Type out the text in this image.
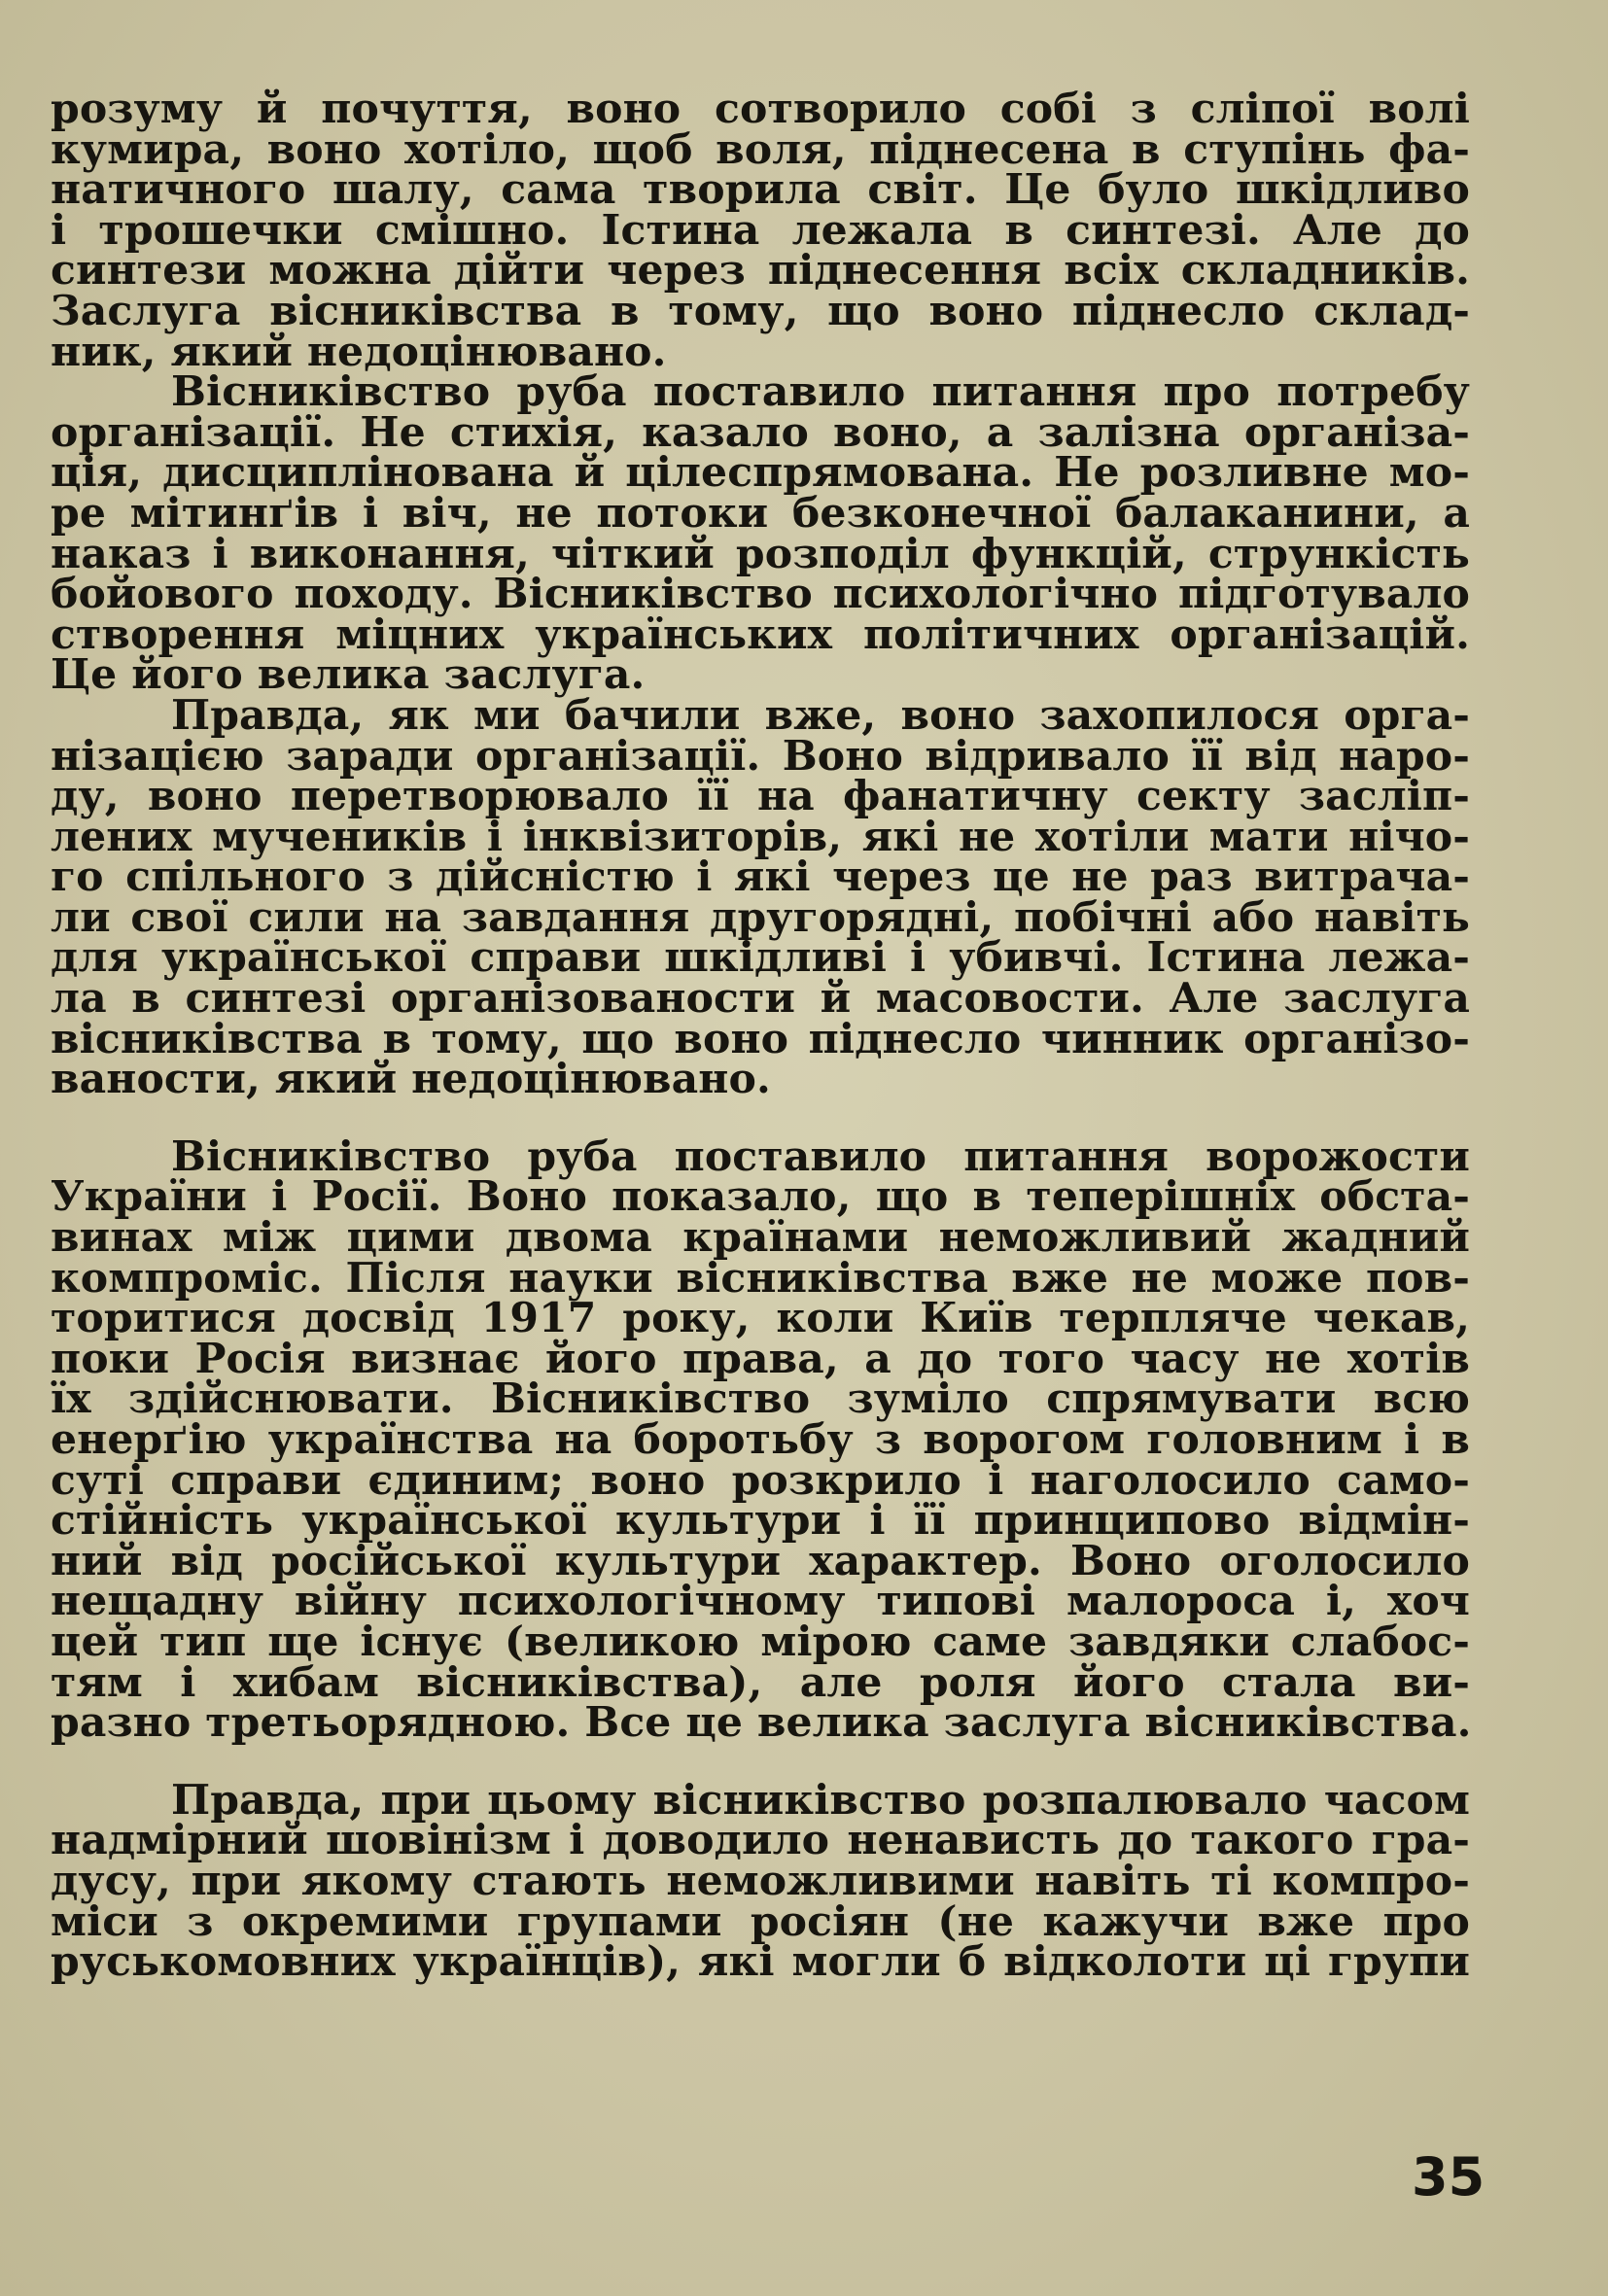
розуму й почуття, воно сотворило собі з сліпої волі
кумира, воно хотіло, щоб воля, піднесена в ступінь фа-
натичного шалу, сама творила світ. Це було шкідливо
і трошечки смішно. Істина лежала в синтезі. Але до
синтези можна дійти через піднесення всіх складників.
Заслуга вісниківства в тому, що воно піднесло склад-
ник, який недоцінювано.
Вісниківство руба поставило питання про потребу
організації. Не стихія, казало воно, а залізна організа-
ція, дисциплінована й цілеспрямована. Не розливне мо-
ре мітинґів і віч, не потоки безконечної балаканини, а
наказ і виконання, чіткий розподіл функцій, стрункість
бойового походу. Вісниківство психологічно підготувало
створення міцних українських політичних організацій.
Це його велика заслуга.
Правда, як ми бачили вже, воно захопилося орга-
нізацією заради організації. Воно відривало її від наро-
ду, воно перетворювало її на фанатичну секту засліп-
лених мучеників і інквізиторів, які не хотіли мати нічо-
го спільного з дійсністю і які через це не раз витрача-
ли свої сили на завдання другорядні, побічні або навіть
для української справи шкідливі і убивчі. Істина лежа-
ла в синтезі організованости й масовости. Але заслуга
вісниківства в тому, що воно піднесло чинник організо-
ваности, який недоцінювано.
Вісниківство руба поставило питання ворожости
України і Росії. Воно показало, що в теперішніх обста-
винах між цими двома країнами неможливий жадний
компроміс. Після науки вісниківства вже не може пов-
торитися досвід 1917 року, коли Київ терпляче чекав,
поки Росія визнає його права, а до того часу не хотів
їх здійснювати. Вісниківство зуміло спрямувати всю
енерґію українства на боротьбу з ворогом головним і в
суті справи єдиним; воно розкрило і наголосило само-
стійність української культури і її принципово відмін-
ний від російської культури характер. Воно оголосило
нещадну війну психологічному типові малороса і, хоч
цей тип ще існує (великою мірою саме завдяки слабос-
тям і хибам вісниківства), але роля його стала ви-
разно третьорядною. Все це велика заслуга вісниківства.
Правда, при цьому вісниківство розпалювало часом
надмірний шовінізм і доводило ненависть до такого гра-
дусу, при якому стають неможливими навіть ті компро-
міси з окремими групами росіян (не кажучи вже про
руськомовних українців), які могли б відколоти ці групи
35
